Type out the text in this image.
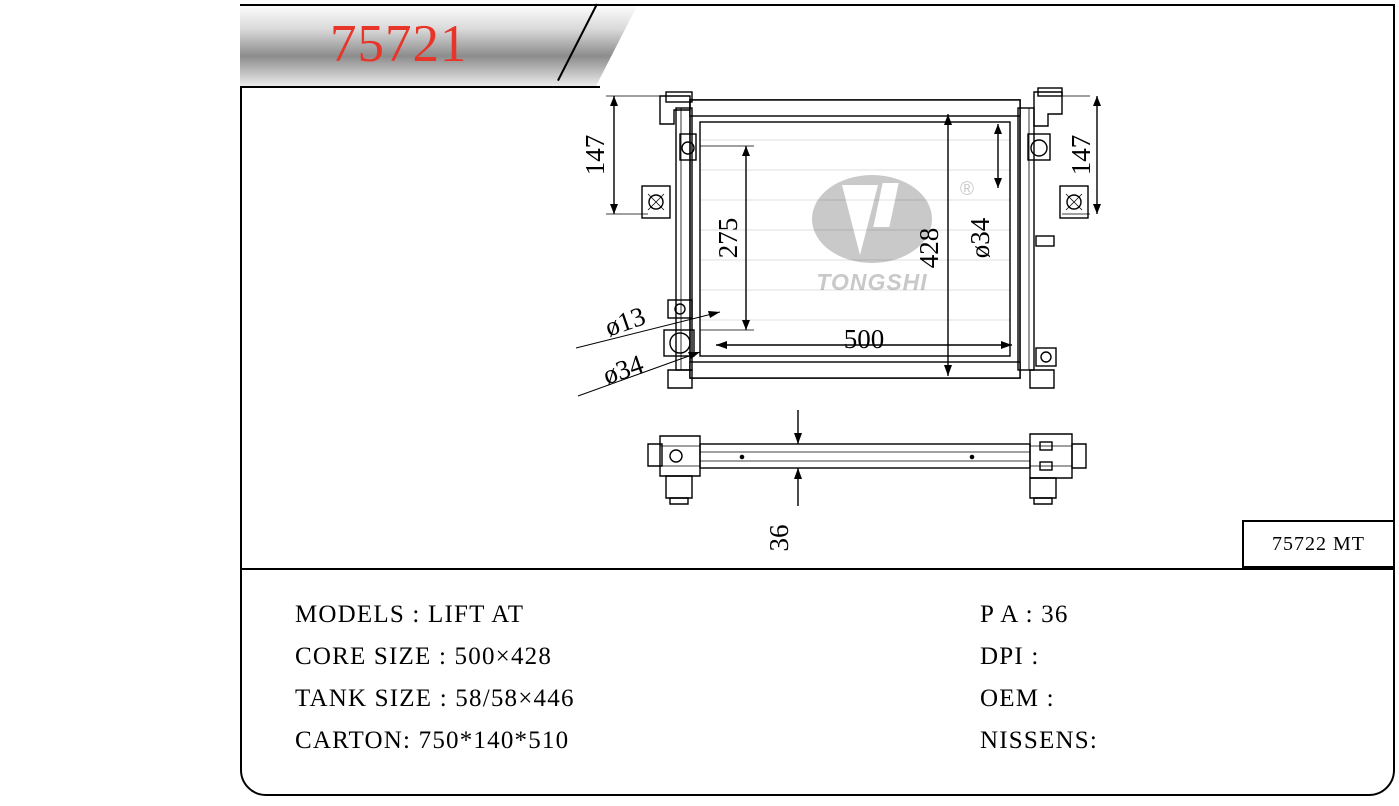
75721
75722 MT
®
TONGSHI
147	147
275	428 ø34
500
ø13
ø34
36
MODELS : LIFT AT
CORE SIZE : 500×428
TANK SIZE : 58/58×446
CARTON: 750*140*510
P A : 36
DPI :
OEM :
NISSENS:
